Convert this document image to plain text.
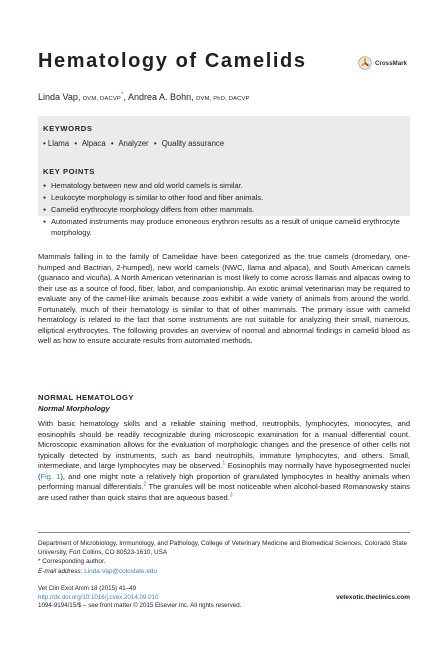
Hematology of Camelids	CrossMark
Linda Vap, DVM, DACVP*, Andrea A. Bohn, DVM, PhD, DACVP
KEYWORDS
• Llama • Alpaca • Analyzer • Quality assurance
KEY POINTS
● Hematology between new and old world camels is similar.
● Leukocyte morphology is similar to other food and fiber animals.
● Camelid erythrocyte morphology differs from other mammals.
● Automated instruments may produce erroneous erythron results as a result of unique camelid erythrocyte morphology.

Mammals falling in to the family of Camelidae have been categorized as the true camels (dromedary, one-humped and Bactrian, 2-humped), new world camels (NWC, llama and alpaca), and South American camels (guanaco and vicuña). A North American veterinarian is most likely to come across llamas and alpacas owing to their use as a source of food, fiber, labor, and companionship. An exotic animal veterinarian may be required to evaluate any of the camel-like animals because zoos exhibit a wide variety of animals from around the world. Fortunately, much of their hematology is similar to that of other mammals. The primary issue with camelid hematology is related to the fact that some instruments are not suitable for analyzing their small, numerous, elliptical erythrocytes. The following provides an overview of normal and abnormal findings in camelid blood as well as how to ensure accurate results from automated methods.

NORMAL HEMATOLOGY
Normal Morphology

With basic hematology skills and a reliable staining method, neutrophils, lymphocytes, monocytes, and eosinophils should be readily recognizable during microscopic examination for a manual differential count. Microscopic examination allows for the evaluation of morphologic changes and the presence of other cells not typically detected by instruments, such as band neutrophils, immature lymphocytes, and others. Small, intermediate, and large lymphocytes may be observed.$^1$ Eosinophils may normally have hyposegmented nuclei (Fig. 1), and one might note a relatively high proportion of granulated lymphocytes in healthy animals when performing manual differentials.$^2$ The granules will be most noticeable when alcohol-based Romanowsky stains are used rather than quick stains that are aqueous based.$^3$

Department of Microbiology, Immunology, and Pathology, College of Veterinary Medicine and Biomedical Sciences, Colorado State University, Fort Collins, CO 80523-1610, USA
* Corresponding author.
E-mail address: Linda.Vap@colostate.edu
Vet Clin Exot Anim 18 (2015) 41–49
http://dx.doi.org/10.1016/j.cvex.2014.09.010
1094-9194/15/$ – see front matter © 2015 Elsevier Inc. All rights reserved.
vetexotic.theclinics.com
